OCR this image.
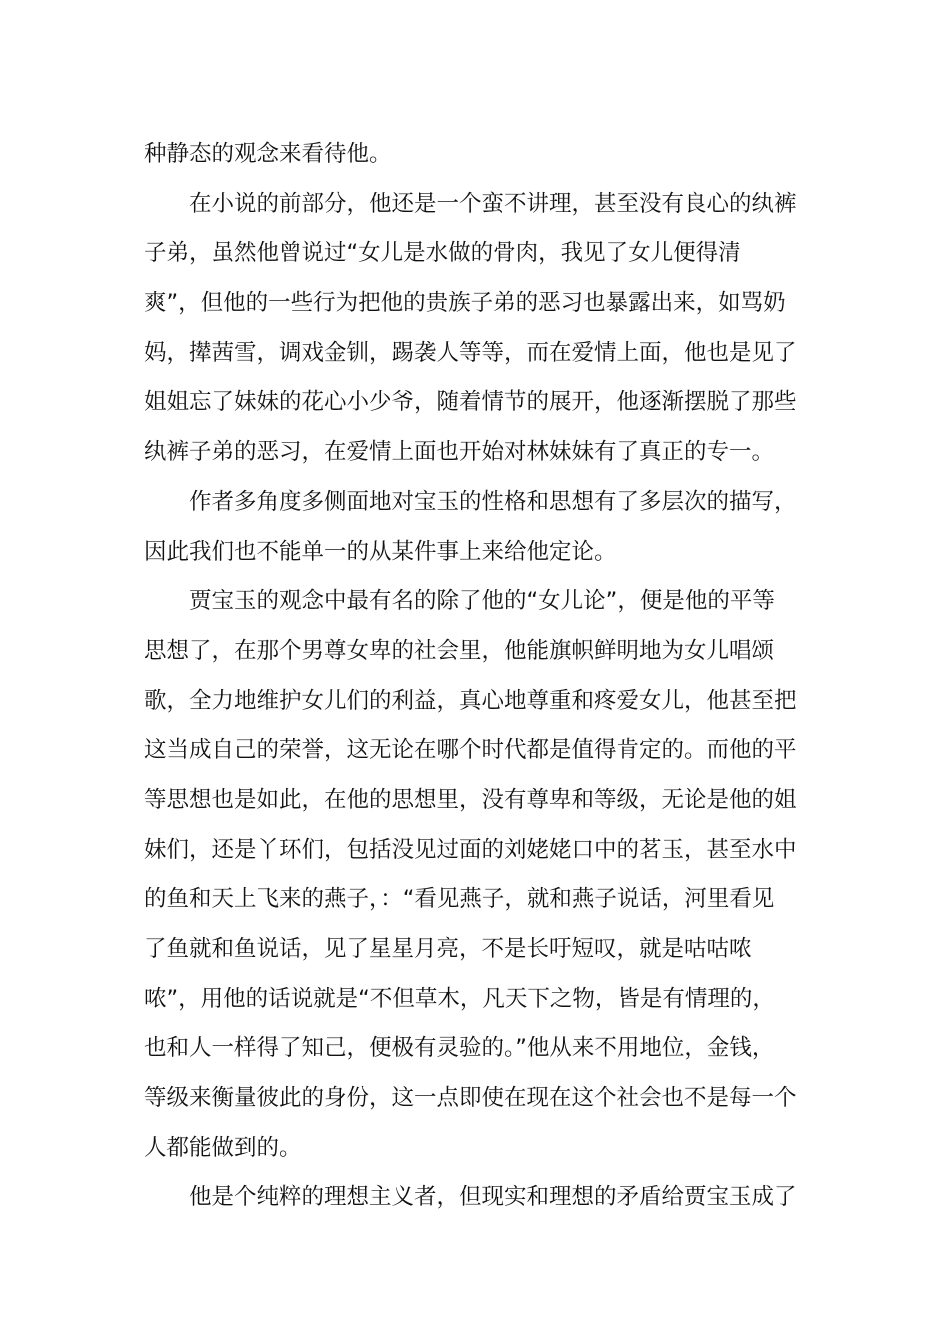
种静态的观念来看待他。
在小说的前部分，他还是一个蛮不讲理，甚至没有良心的纨裤
子弟，虽然他曾说过“女儿是水做的骨肉，我见了女儿便得清
爽”，但他的一些行为把他的贵族子弟的恶习也暴露出来，如骂奶
妈，撵茜雪，调戏金钏，踢袭人等等，而在爱情上面，他也是见了
姐姐忘了妹妹的花心小少爷，随着情节的展开，他逐渐摆脱了那些
纨裤子弟的恶习，在爱情上面也开始对林妹妹有了真正的专一。
作者多角度多侧面地对宝玉的性格和思想有了多层次的描写，
因此我们也不能单一的从某件事上来给他定论。
贾宝玉的观念中最有名的除了他的“女儿论”，便是他的平等
思想了，在那个男尊女卑的社会里，他能旗帜鲜明地为女儿唱颂
歌，全力地维护女儿们的利益，真心地尊重和疼爱女儿，他甚至把
这当成自己的荣誉，这无论在哪个时代都是值得肯定的。而他的平
等思想也是如此，在他的思想里，没有尊卑和等级，无论是他的姐
妹们，还是丫环们，包括没见过面的刘姥姥口中的茗玉，甚至水中
的鱼和天上飞来的燕子，：“看见燕子，就和燕子说话，河里看见
了鱼就和鱼说话，见了星星月亮，不是长吁短叹，就是咕咕哝
哝”，用他的话说就是“不但草木，凡天下之物，皆是有情理的，
也和人一样得了知己，便极有灵验的。”他从来不用地位，金钱，
等级来衡量彼此的身份，这一点即使在现在这个社会也不是每一个
人都能做到的。
他是个纯粹的理想主义者，但现实和理想的矛盾给贾宝玉成了
